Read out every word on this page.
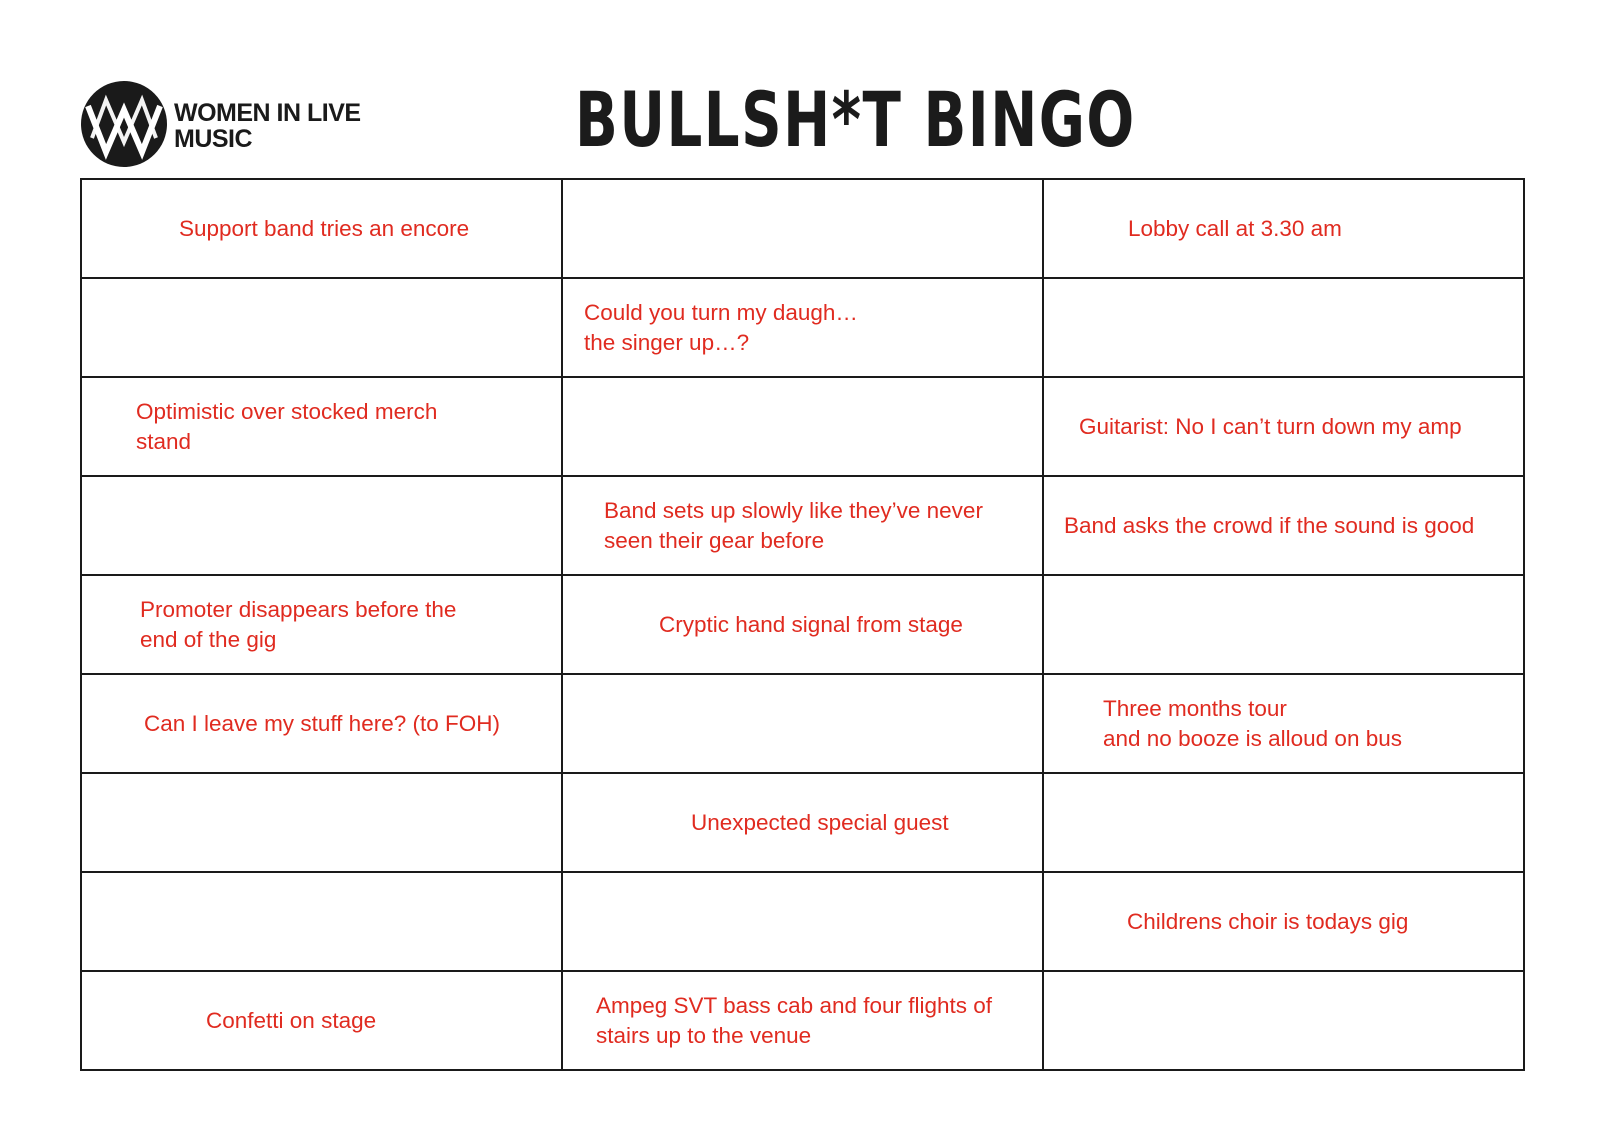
WOMEN IN LIVE
MUSIC	BULLSH*T BINGO
Support band tries an encore		Lobby call at 3.30 am

	Could you turn my daugh…
the singer up…?	

Optimistic over stocked merch
stand		Guitarist: No I can’t turn down my amp

	Band sets up slowly like they’ve never
seen their gear before	Band asks the crowd if the sound is good

Promoter disappears before the
end of the gig	Cryptic hand signal from stage	

Can I leave my stuff here? (to FOH)		Three months tour
and no booze is alloud on bus

	Unexpected special guest	

		Childrens choir is todays gig

Confetti on stage	Ampeg SVT bass cab and four flights of
stairs up to the venue	
